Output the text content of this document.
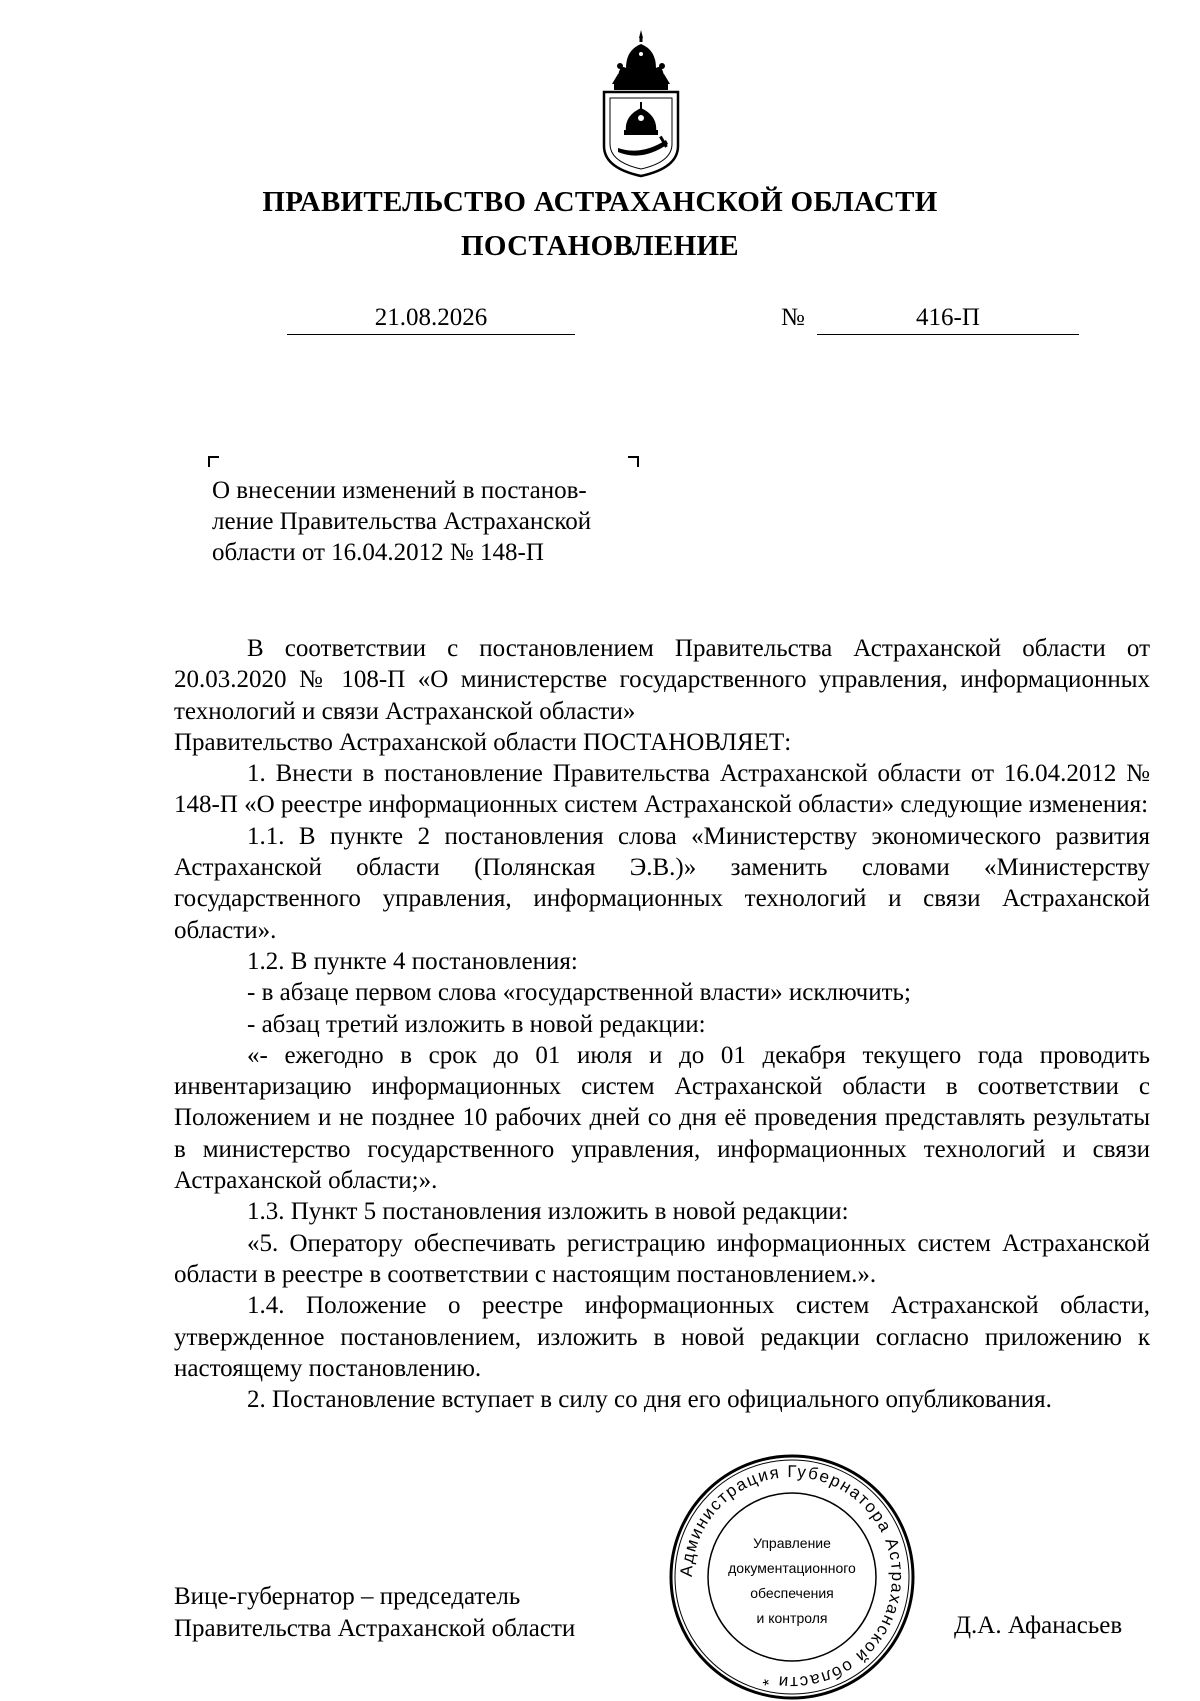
ПРАВИТЕЛЬСТВО АСТРАХАНСКОЙ ОБЛАСТИ
ПОСТАНОВЛЕНИЕ
21.08.2026	№	416-П
О внесении изменений в постанов-
ление Правительства Астраханской
области от 16.04.2012 № 148-П

В соответствии с постановлением Правительства Астраханской области от 20.03.2020 № 108-П «О министерстве государственного управления, информационных технологий и связи Астраханской области»

Правительство Астраханской области ПОСТАНОВЛЯЕТ:

1. Внести в постановление Правительства Астраханской области от 16.04.2012 № 148-П «О реестре информационных систем Астраханской области» следующие изменения:

1.1. В пункте 2 постановления слова «Министерству экономического развития Астраханской области (Полянская Э.В.)» заменить словами «Министерству государственного управления, информационных технологий и связи Астраханской области».

1.2. В пункте 4 постановления:

- в абзаце первом слова «государственной власти» исключить;

- абзац третий изложить в новой редакции:

«- ежегодно в срок до 01 июля и до 01 декабря текущего года проводить инвентаризацию информационных систем Астраханской области в соответствии с Положением и не позднее 10 рабочих дней со дня её проведения представлять результаты в министерство государственного управления, информационных технологий и связи Астраханской области;».

1.3. Пункт 5 постановления изложить в новой редакции:

«5. Оператору обеспечивать регистрацию информационных систем Астраханской области в реестре в соответствии с настоящим постановлением.».

1.4. Положение о реестре информационных систем Астраханской области, утвержденное постановлением, изложить в новой редакции согласно приложению к настоящему постановлению.

2. Постановление вступает в силу со дня его официального опубликования.

Вице-губернатор – председатель
Правительства Астраханской области	Д.А. Афанасьев
Администрация Губернатора Астраханской области *
Управление
документационного
обеспечения
и контроля
